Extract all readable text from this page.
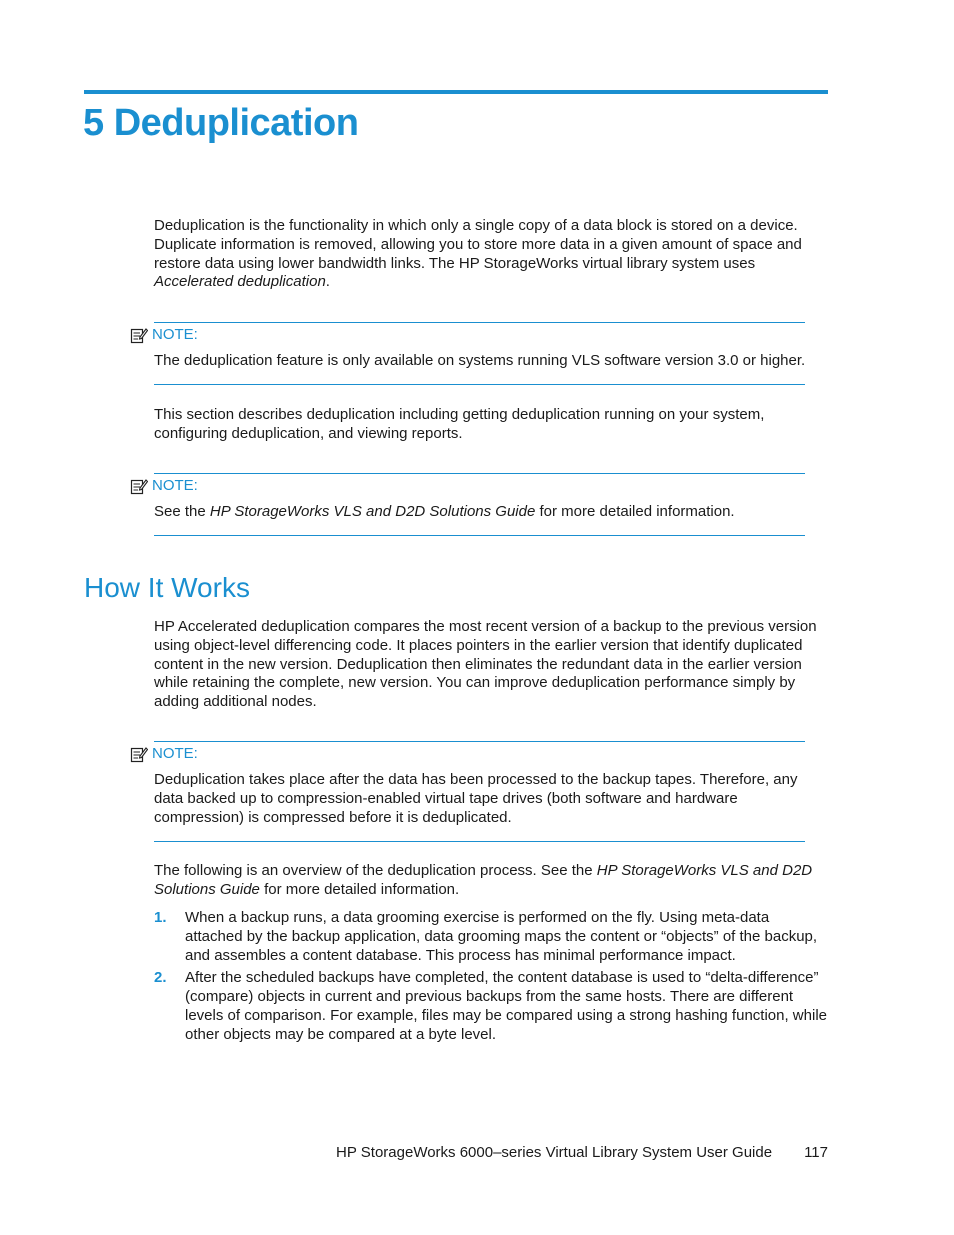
5 Deduplication

Deduplication is the functionality in which only a single copy of a data block is stored on a device. Duplicate information is removed, allowing you to store more data in a given amount of space and restore data using lower bandwidth links. The HP StorageWorks virtual library system uses Accelerated deduplication.

NOTE:

The deduplication feature is only available on systems running VLS software version 3.0 or higher.

This section describes deduplication including getting deduplication running on your system, configuring deduplication, and viewing reports.

NOTE:

See the HP StorageWorks VLS and D2D Solutions Guide for more detailed information.

How It Works

HP Accelerated deduplication compares the most recent version of a backup to the previous version using object-level differencing code. It places pointers in the earlier version that identify duplicated content in the new version. Deduplication then eliminates the redundant data in the earlier version while retaining the complete, new version. You can improve deduplication performance simply by adding additional nodes.

NOTE:

Deduplication takes place after the data has been processed to the backup tapes. Therefore, any data backed up to compression-enabled virtual tape drives (both software and hardware compression) is compressed before it is deduplicated.

The following is an overview of the deduplication process. See the HP StorageWorks VLS and D2D Solutions Guide for more detailed information.

1. When a backup runs, a data grooming exercise is performed on the fly. Using meta-data attached by the backup application, data grooming maps the content or “objects” of the backup, and assembles a content database. This process has minimal performance impact.
2. After the scheduled backups have completed, the content database is used to “delta-difference” (compare) objects in current and previous backups from the same hosts. There are different levels of comparison. For example, files may be compared using a strong hashing function, while other objects may be compared at a byte level.
HP StorageWorks 6000–series Virtual Library System User Guide 117
